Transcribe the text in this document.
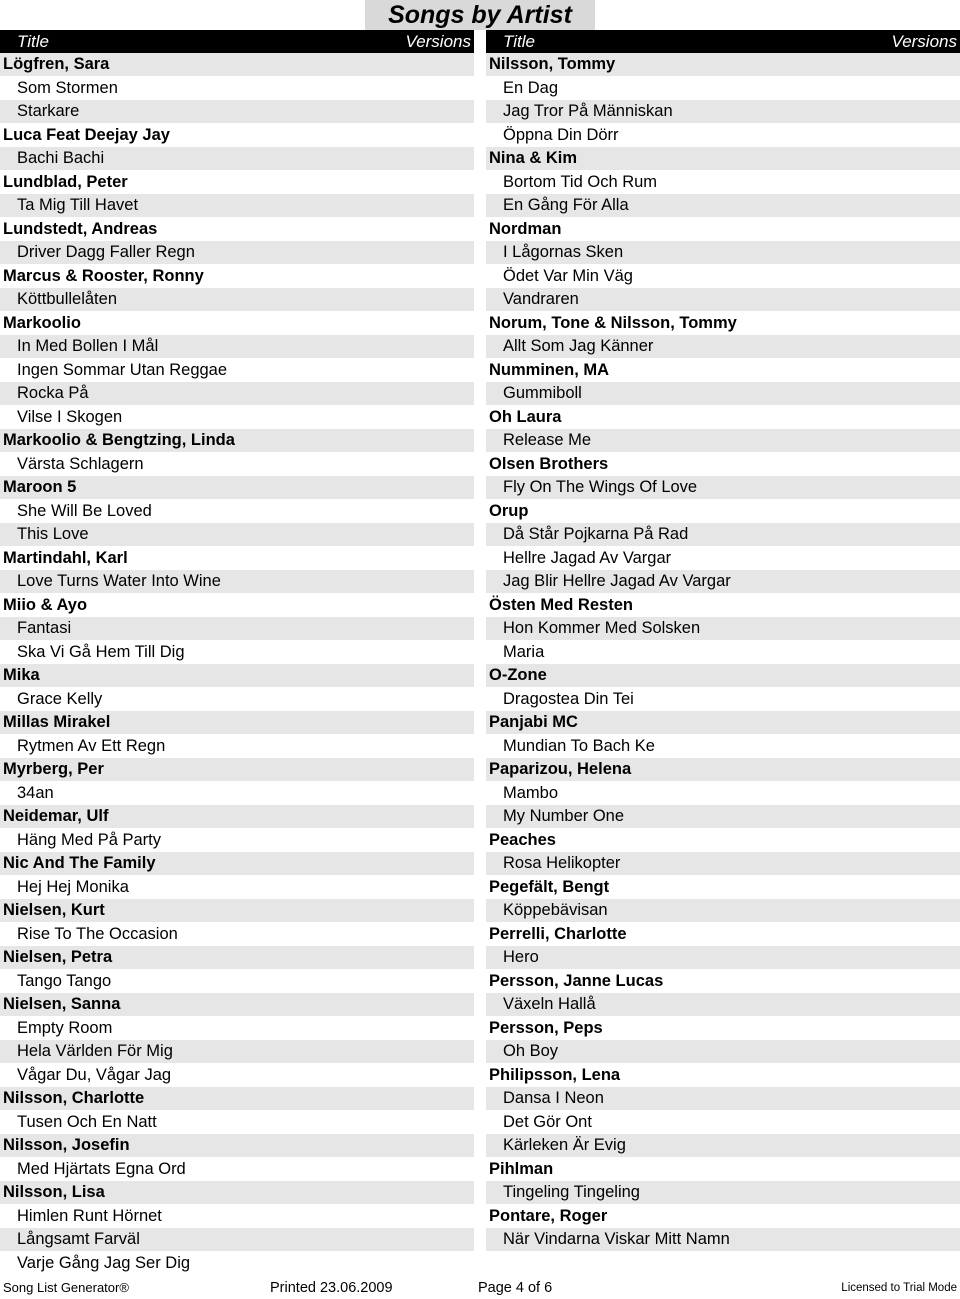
Songs by Artist
Title	Versions
Lögfren, Sara
Som Stormen
Starkare
Luca Feat Deejay Jay
Bachi Bachi
Lundblad, Peter
Ta Mig Till Havet
Lundstedt, Andreas
Driver Dagg Faller Regn
Marcus & Rooster, Ronny
Köttbullelåten
Markoolio
In Med Bollen I Mål
Ingen Sommar Utan Reggae
Rocka På
Vilse I Skogen
Markoolio & Bengtzing, Linda
Värsta Schlagern
Maroon 5
She Will Be Loved
This Love
Martindahl, Karl
Love Turns Water Into Wine
Miio & Ayo
Fantasi
Ska Vi Gå Hem Till Dig
Mika
Grace Kelly
Millas Mirakel
Rytmen Av Ett Regn
Myrberg, Per
34an
Neidemar, Ulf
Häng Med På Party
Nic And The Family
Hej Hej Monika
Nielsen, Kurt
Rise To The Occasion
Nielsen, Petra
Tango Tango
Nielsen, Sanna
Empty Room
Hela Världen För Mig
Vågar Du, Vågar Jag
Nilsson, Charlotte
Tusen Och En Natt
Nilsson, Josefin
Med Hjärtats Egna Ord
Nilsson, Lisa
Himlen Runt Hörnet
Långsamt Farväl
Varje Gång Jag Ser Dig
Title	Versions
Nilsson, Tommy
En Dag
Jag Tror På Människan
Öppna Din Dörr
Nina & Kim
Bortom Tid Och Rum
En Gång För Alla
Nordman
I Lågornas Sken
Ödet Var Min Väg
Vandraren
Norum, Tone & Nilsson, Tommy
Allt Som Jag Känner
Numminen, MA
Gummiboll
Oh Laura
Release Me
Olsen Brothers
Fly On The Wings Of Love
Orup
Då Står Pojkarna På Rad
Hellre Jagad Av Vargar
Jag Blir Hellre Jagad Av Vargar
Östen Med Resten
Hon Kommer Med Solsken
Maria
O-Zone
Dragostea Din Tei
Panjabi MC
Mundian To Bach Ke
Paparizou, Helena
Mambo
My Number One
Peaches
Rosa Helikopter
Pegefält, Bengt
Köppebävisan
Perrelli, Charlotte
Hero
Persson, Janne Lucas
Växeln Hallå
Persson, Peps
Oh Boy
Philipsson, Lena
Dansa I Neon
Det Gör Ont
Kärleken Är Evig
Pihlman
Tingeling Tingeling
Pontare, Roger
När Vindarna Viskar Mitt Namn
Song List Generator®	Printed 23.06.2009	Page 4 of 6	Licensed to Trial Mode
